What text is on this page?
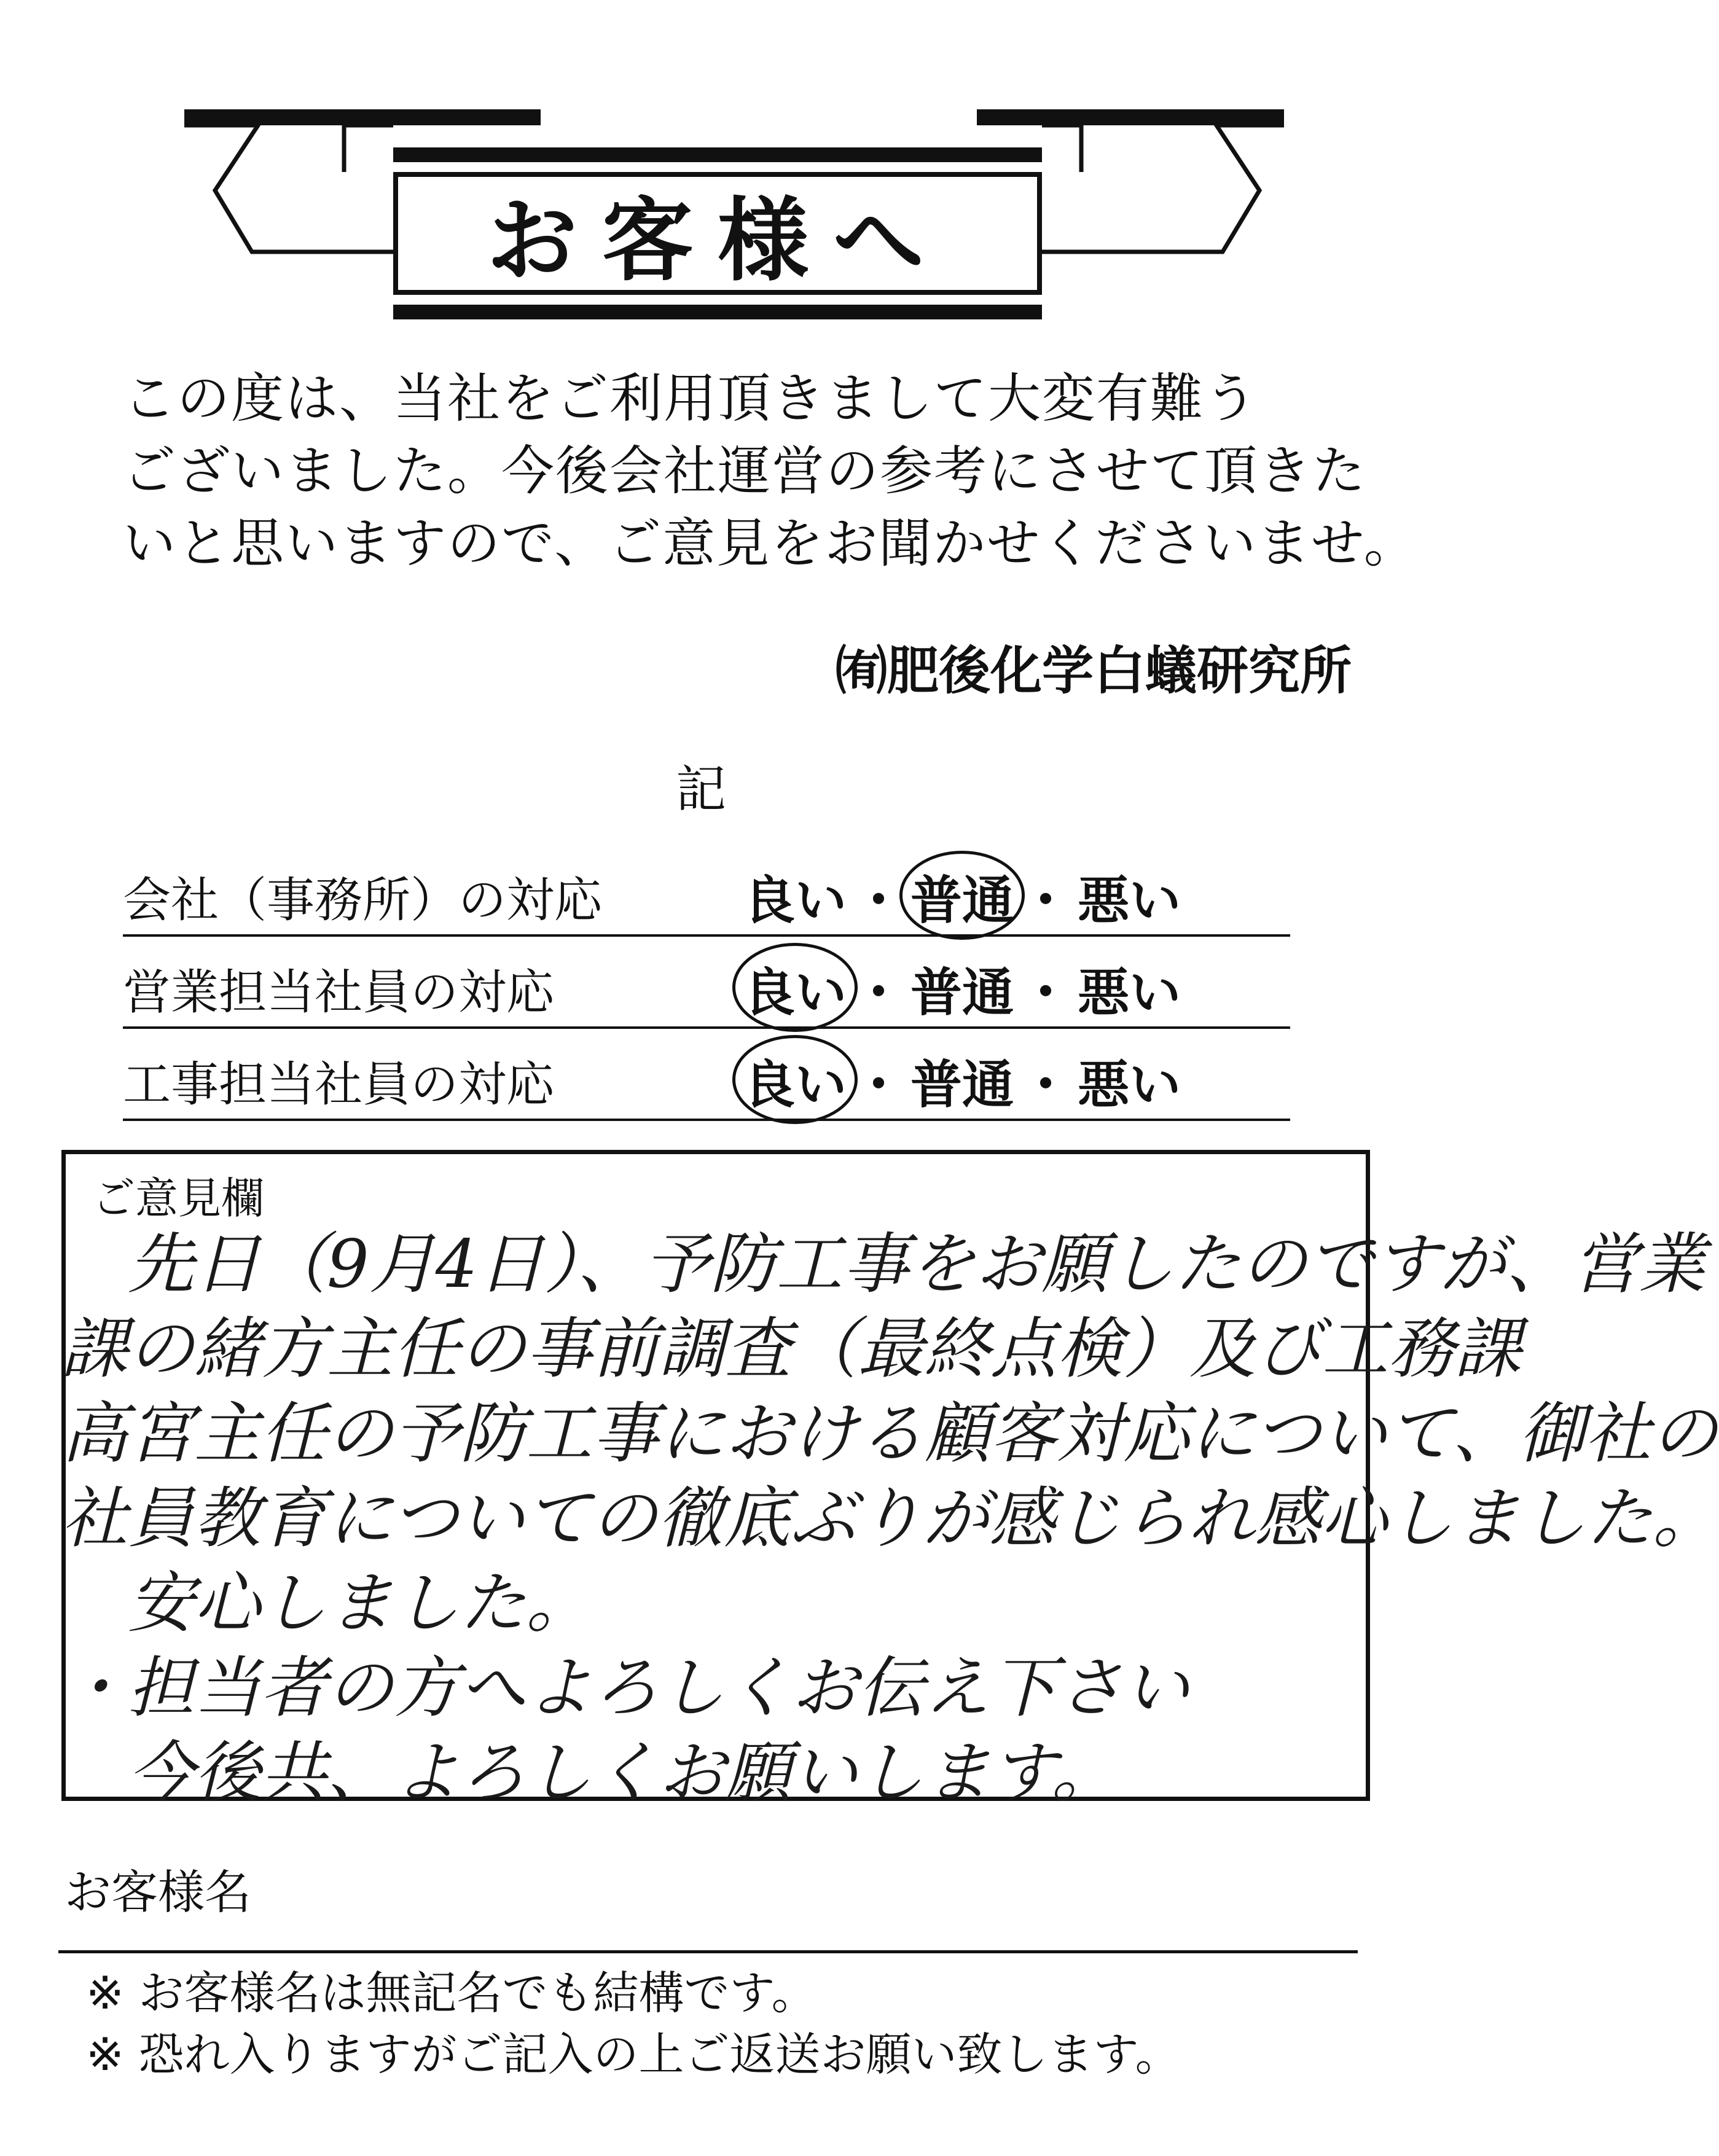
お客様へ
この度は、当社をご利用頂きまして大変有難う
ございました。今後会社運営の参考にさせて頂きた
いと思いますので、ご意見をお聞かせくださいませ。
㈲肥後化学白蟻研究所
記
会社（事務所）の対応	良い ・ 普通 ・ 悪い
営業担当社員の対応	良い ・ 普通 ・ 悪い
工事担当社員の対応	良い ・ 普通 ・ 悪い
ご意見欄
　先日（9月4日）、予防工事をお願したのですが、営業
課の緒方主任の事前調査（最終点検）及び工務課
高宮主任の予防工事における顧客対応について、御社の
社員教育についての徹底ぶりが感じられ感心しました。
　安心しました。
・担当者の方へよろしくお伝え下さい
　今後共、よろしくお願いします。
お客様名
※ お客様名は無記名でも結構です。
※ 恐れ入りますがご記入の上ご返送お願い致します。
